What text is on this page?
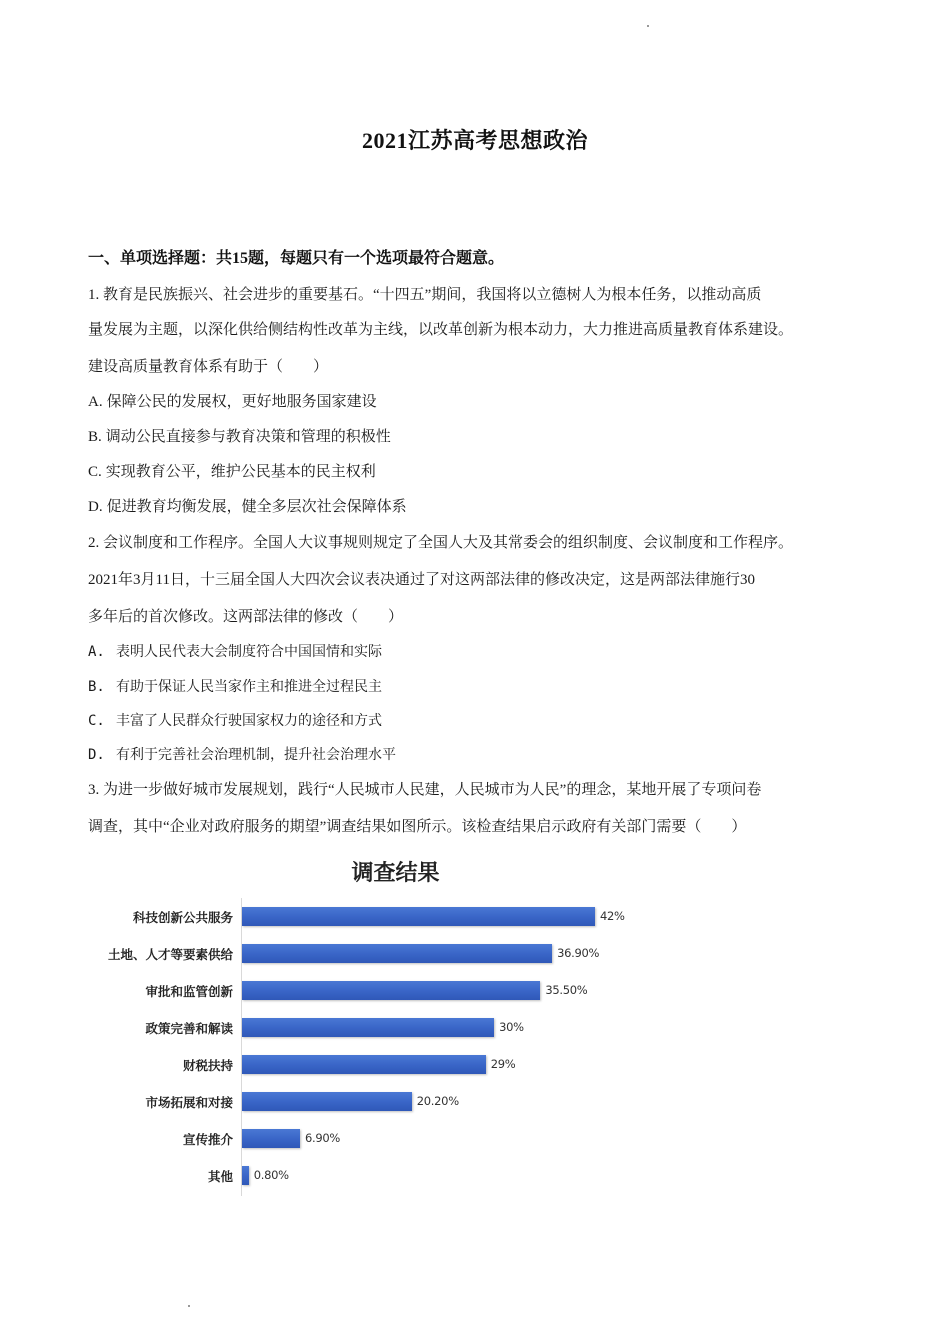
2021江苏高考思想政治
一、单项选择题：共15题，每题只有一个选项最符合题意。
1. 教育是民族振兴、社会进步的重要基石。“十四五”期间，我国将以立德树人为根本任务，以推动高质
量发展为主题，以深化供给侧结构性改革为主线，以改革创新为根本动力，大力推进高质量教育体系建设。
建设高质量教育体系有助于（　　）
A. 保障公民的发展权，更好地服务国家建设
B. 调动公民直接参与教育决策和管理的积极性
C. 实现教育公平，维护公民基本的民主权利
D. 促进教育均衡发展，健全多层次社会保障体系
2. 会议制度和工作程序。全国人大议事规则规定了全国人大及其常委会的组织制度、会议制度和工作程序。
2021年3月11日，十三届全国人大四次会议表决通过了对这两部法律的修改决定，这是两部法律施行30
多年后的首次修改。这两部法律的修改（　　）
A. 表明人民代表大会制度符合中国国情和实际
B. 有助于保证人民当家作主和推进全过程民主
C. 丰富了人民群众行驶国家权力的途径和方式
D. 有利于完善社会治理机制，提升社会治理水平
3. 为进一步做好城市发展规划，践行“人民城市人民建，人民城市为人民”的理念，某地开展了专项问卷
调查，其中“企业对政府服务的期望”调查结果如图所示。该检查结果启示政府有关部门需要（　　）
调查结果
科技创新公共服务	42%
土地、人才等要素供给	36.90%
审批和监管创新	35.50%
政策完善和解读	30%
财税扶持	29%
市场拓展和对接	20.20%
宣传推介	6.90%
其他 0.80%
